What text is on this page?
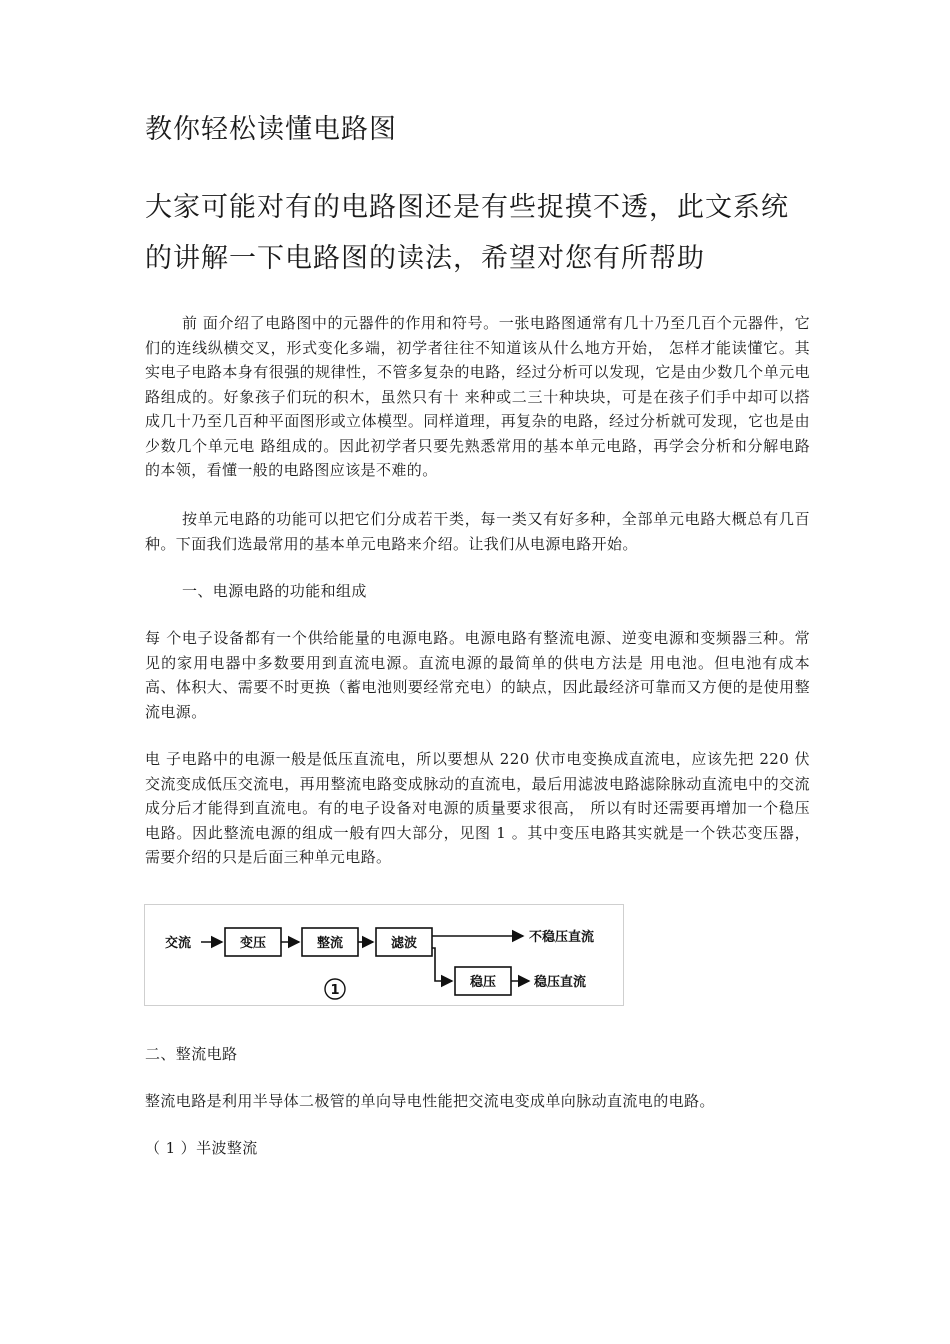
教你轻松读懂电路图
大家可能对有的电路图还是有些捉摸不透，此文系统
的讲解一下电路图的读法，希望对您有所帮助

前 面介绍了电路图中的元器件的作用和符号。一张电路图通常有几十乃至几百个元器件，它们的连线纵横交叉，形式变化多端，初学者往往不知道该从什么地方开始， 怎样才能读懂它。其实电子电路本身有很强的规律性，不管多复杂的电路，经过分析可以发现，它是由少数几个单元电路组成的。好象孩子们玩的积木，虽然只有十 来种或二三十种块块，可是在孩子们手中却可以搭成几十乃至几百种平面图形或立体模型。同样道理，再复杂的电路，经过分析就可发现，它也是由少数几个单元电 路组成的。因此初学者只要先熟悉常用的基本单元电路，再学会分析和分解电路的本领，看懂一般的电路图应该是不难的。

按单元电路的功能可以把它们分成若干类，每一类又有好多种，全部单元电路大概总有几百种。下面我们选最常用的基本单元电路来介绍。让我们从电源电路开始。

一、电源电路的功能和组成

每 个电子设备都有一个供给能量的电源电路。电源电路有整流电源、逆变电源和变频器三种。常见的家用电器中多数要用到直流电源。直流电源的最简单的供电方法是 用电池。但电池有成本高、体积大、需要不时更换（蓄电池则要经常充电）的缺点，因此最经济可靠而又方便的是使用整流电源。

电 子电路中的电源一般是低压直流电，所以要想从 220 伏市电变换成直流电，应该先把 220 伏交流变成低压交流电，再用整流电路变成脉动的直流电，最后用滤波电路滤除脉动直流电中的交流成分后才能得到直流电。有的电子设备对电源的质量要求很高， 所以有时还需要再增加一个稳压电路。因此整流电源的组成一般有四大部分，见图 1 。其中变压电路其实就是一个铁芯变压器，需要介绍的只是后面三种单元电路。

交流	变压	整流	滤波	不稳压直流
稳压	稳压直流
1

二、整流电路

整流电路是利用半导体二极管的单向导电性能把交流电变成单向脉动直流电的电路。

（ 1 ）半波整流
